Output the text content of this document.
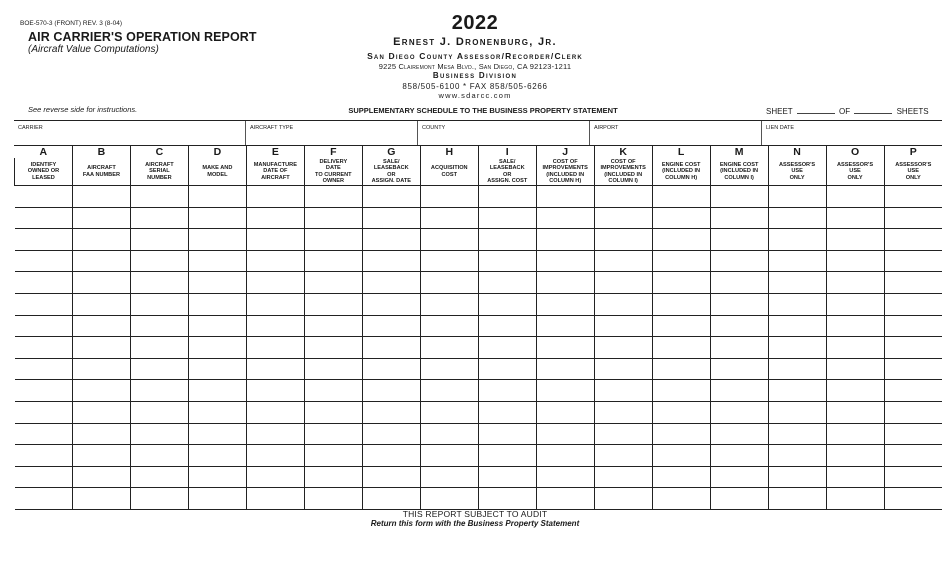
BOE-570-3 (FRONT) REV. 3 (8-04)
AIR CARRIER'S OPERATION REPORT
(Aircraft Value Computations)
2022
Ernest J. Dronenburg, Jr.
San Diego County Assessor/Recorder/Clerk
9225 Clairemont Mesa Blvd., San Diego, CA 92123-1211
Business Division
858/505-6100 * FAX 858/505-6266
www.sdarcc.com
See reverse side for instructions.	SUPPLEMENTARY SCHEDULE TO THE BUSINESS PROPERTY STATEMENT	SHEET	OF	SHEETS
CARRIER	AIRCRAFT TYPE	COUNTY	AIRPORT	LIEN DATE
A	B	C	D	E	F	G	H	I	J	K	L	M	N	O	P
IDENTIFY
OWNED OR
LEASED	AIRCRAFT
FAA NUMBER	AIRCRAFT
SERIAL
NUMBER	MAKE AND
MODEL	MANUFACTURE
DATE OF
AIRCRAFT	DELIVERY
DATE
TO CURRENT
OWNER	SALE/
LEASEBACK
OR
ASSIGN. DATE	ACQUISITION
COST	SALE/
LEASEBACK
OR
ASSIGN. COST	COST OF
IMPROVEMENTS
(INCLUDED IN
COLUMN H)	COST OF
IMPROVEMENTS
(INCLUDED IN
COLUMN I)	ENGINE COST
(INCLUDED IN
COLUMN H)	ENGINE COST
(INCLUDED IN
COLUMN I)	ASSESSOR'S
USE
ONLY	ASSESSOR'S
USE
ONLY	ASSESSOR'S
USE
ONLY

THIS REPORT SUBJECT TO AUDIT
Return this form with the Business Property Statement
